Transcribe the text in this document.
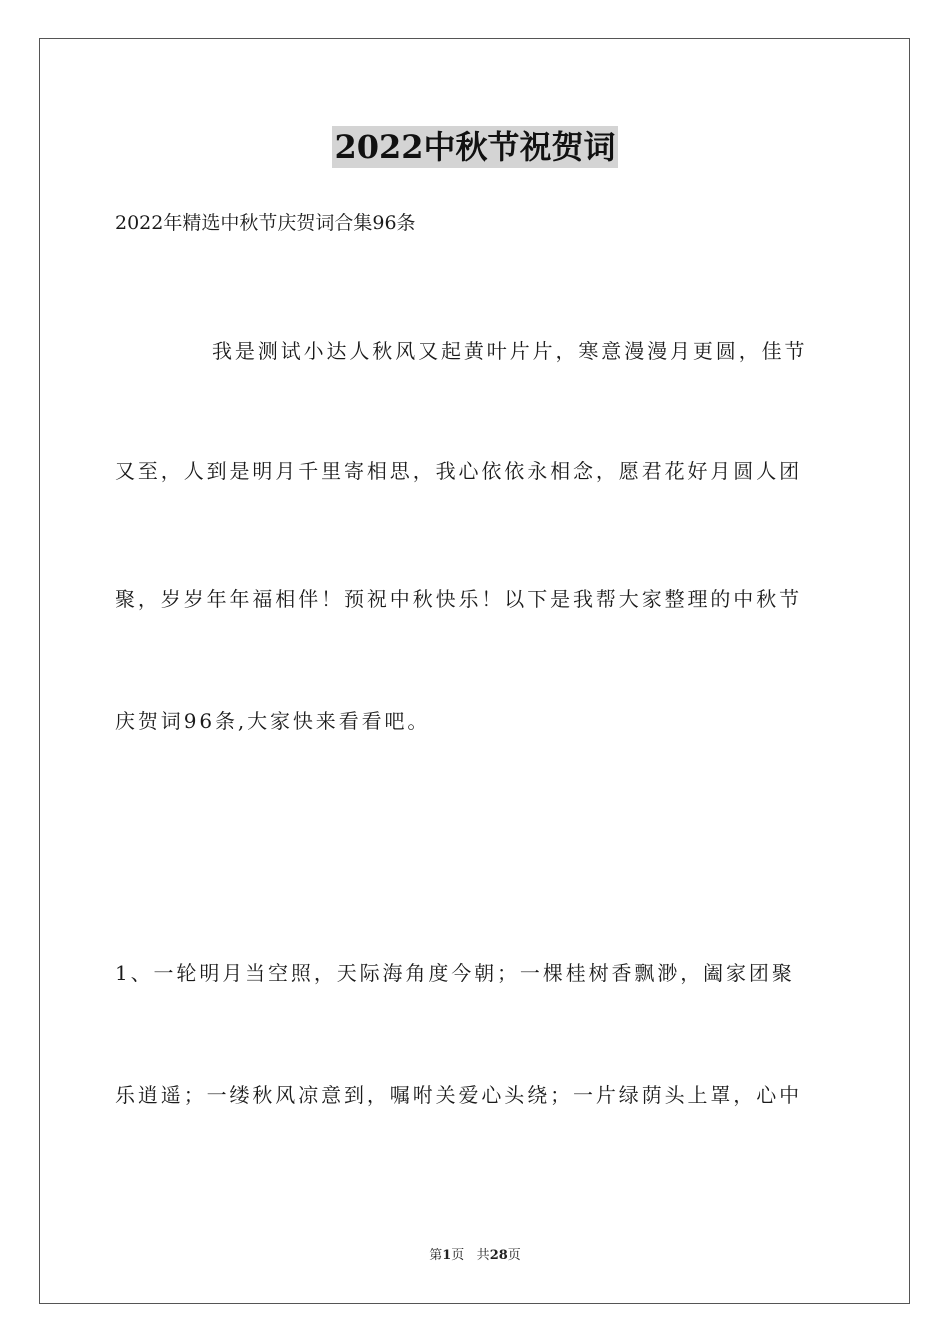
2022中秋节祝贺词
2022年精选中秋节庆贺词合集96条
我是测试小达人秋风又起黄叶片片，寒意漫漫月更圆，佳节
又至，人到是明月千里寄相思，我心依依永相念，愿君花好月圆人团
聚，岁岁年年福相伴！预祝中秋快乐！以下是我帮大家整理的中秋节
庆贺词96条,大家快来看看吧。
1、一轮明月当空照，天际海角度今朝；一棵桂树香飘渺，阖家团聚
乐逍遥；一缕秋风凉意到，嘱咐关爱心头绕；一片绿荫头上罩，心中
第1页 共28页
